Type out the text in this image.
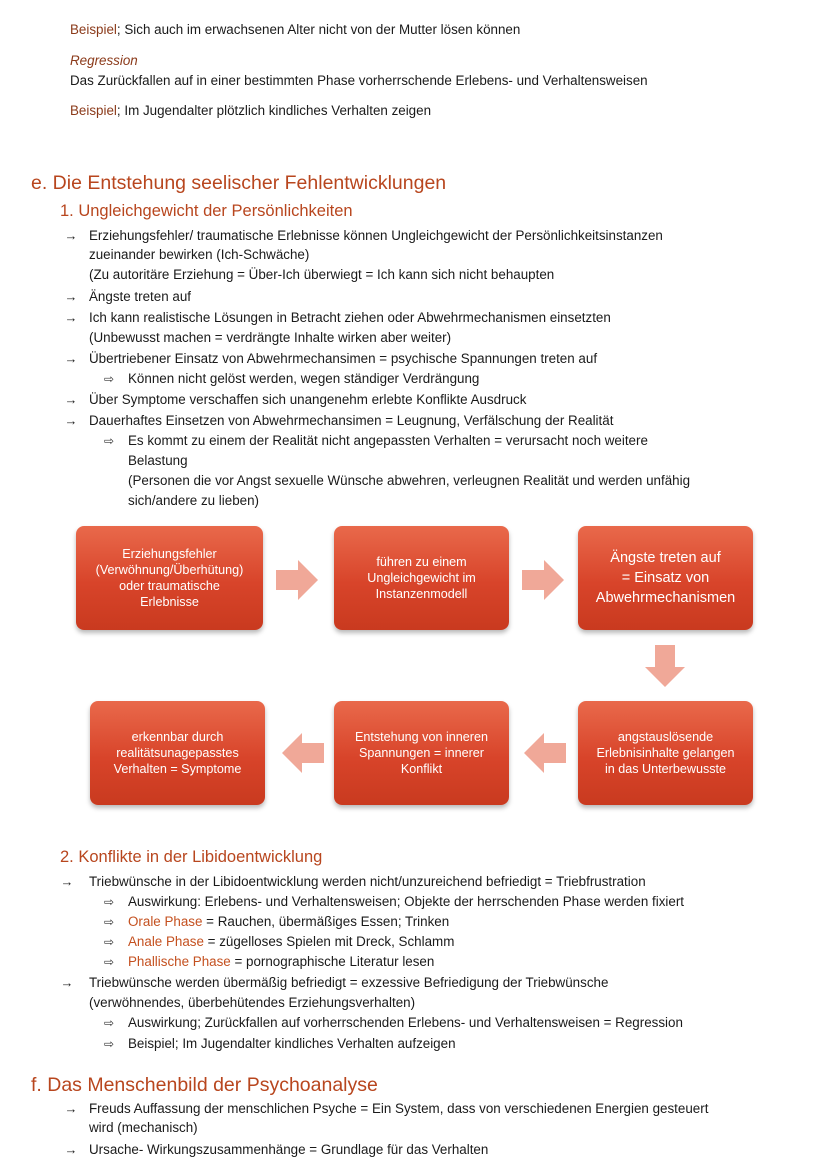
Beispiel; Sich auch im erwachsenen Alter nicht von der Mutter lösen können
Regression
Das Zurückfallen auf in einer bestimmten Phase vorherrschende Erlebens- und Verhaltensweisen
Beispiel; Im Jugendalter plötzlich kindliches Verhalten zeigen
e. Die Entstehung seelischer Fehlentwicklungen
1. Ungleichgewicht der Persönlichkeiten
→ Erziehungsfehler/ traumatische Erlebnisse können Ungleichgewicht der Persönlichkeitsinstanzen
zueinander bewirken (Ich-Schwäche)
(Zu autoritäre Erziehung = Über-Ich überwiegt = Ich kann sich nicht behaupten
→ Ängste treten auf
→ Ich kann realistische Lösungen in Betracht ziehen oder Abwehrmechanismen einsetzten
(Unbewusst machen = verdrängte Inhalte wirken aber weiter)
→ Übertriebener Einsatz von Abwehrmechansimen = psychische Spannungen treten auf
⇨ Können nicht gelöst werden, wegen ständiger Verdrängung
→ Über Symptome verschaffen sich unangenehm erlebte Konflikte Ausdruck
→ Dauerhaftes Einsetzen von Abwehrmechansimen = Leugnung, Verfälschung der Realität
⇨ Es kommt zu einem der Realität nicht angepassten Verhalten = verursacht noch weitere
Belastung
(Personen die vor Angst sexuelle Wünsche abwehren, verleugnen Realität und werden unfähig
sich/andere zu lieben)
Erziehungsfehler
(Verwöhnung/Überhütung)
oder traumatische
Erlebnisse
führen zu einem
Ungleichgewicht im
Instanzenmodell
Ängste treten auf
= Einsatz von
Abwehrmechanismen
angstauslösende
Erlebnisinhalte gelangen
in das Unterbewusste
Entstehung von inneren
Spannungen = innerer
Konflikt
erkennbar durch
realitätsunagepasstes
Verhalten = Symptome
2. Konflikte in der Libidoentwicklung
→	Triebwünsche in der Libidoentwicklung werden nicht/unzureichend befriedigt = Triebfrustration
⇨ Auswirkung: Erlebens- und Verhaltensweisen; Objekte der herrschenden Phase werden fixiert
⇨ Orale Phase = Rauchen, übermäßiges Essen; Trinken
⇨ Anale Phase = zügelloses Spielen mit Dreck, Schlamm
⇨ Phallische Phase = pornographische Literatur lesen
→	Triebwünsche werden übermäßig befriedigt = exzessive Befriedigung der Triebwünsche
(verwöhnendes, überbehütendes Erziehungsverhalten)
⇨ Auswirkung; Zurückfallen auf vorherrschenden Erlebens- und Verhaltensweisen = Regression
⇨ Beispiel; Im Jugendalter kindliches Verhalten aufzeigen
f. Das Menschenbild der Psychoanalyse
→ Freuds Auffassung der menschlichen Psyche = Ein System, dass von verschiedenen Energien gesteuert
wird (mechanisch)
→ Ursache- Wirkungszusammenhänge = Grundlage für das Verhalten
